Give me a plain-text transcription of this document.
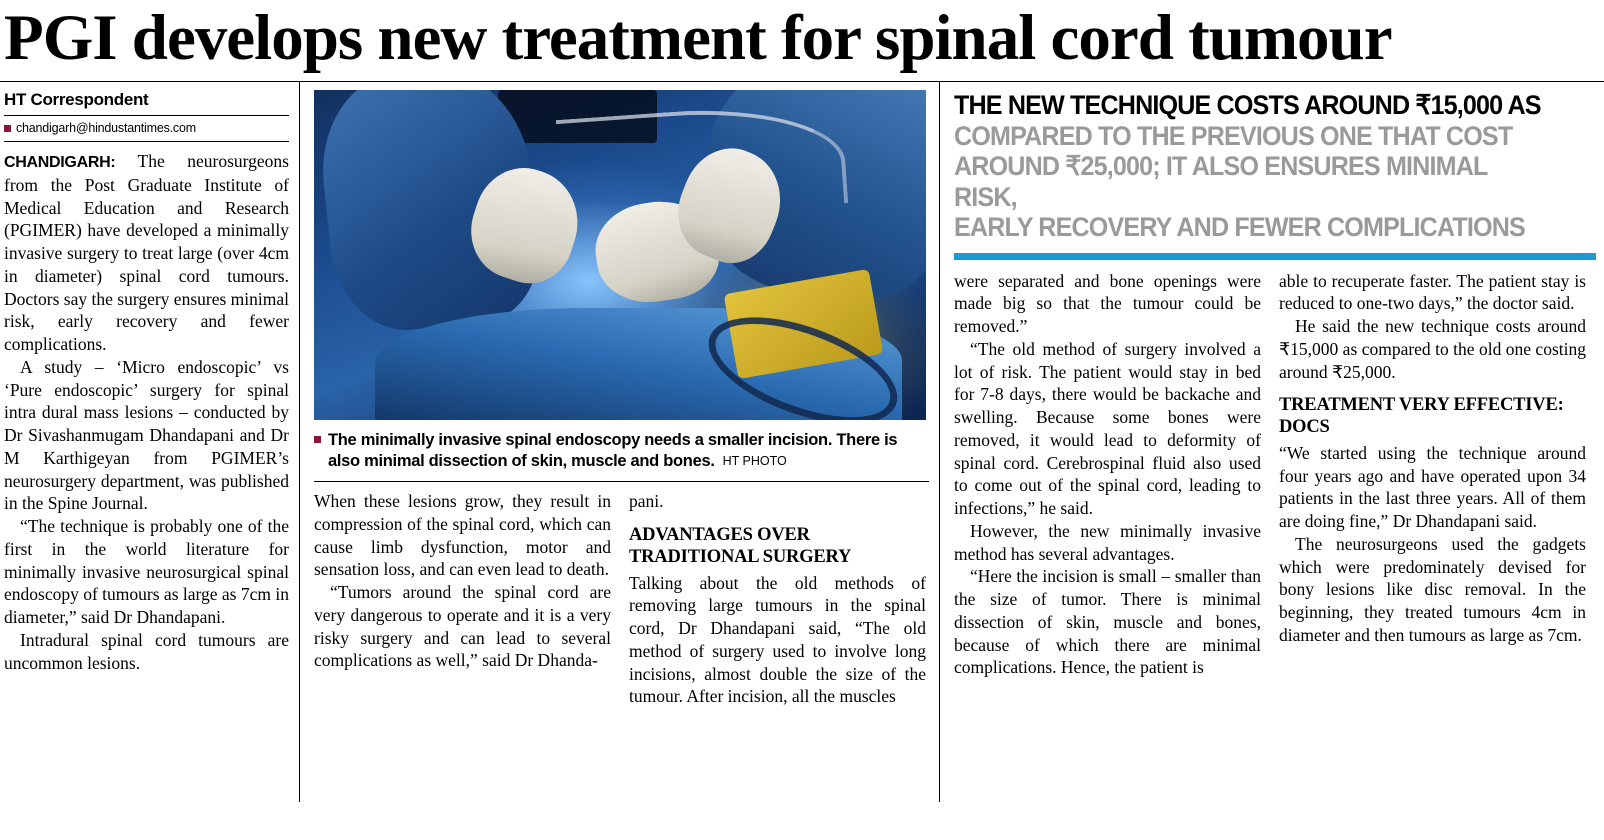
PGI develops new treatment for spinal cord tumour
HT Correspondent
chandigarh@hindustantimes.com

CHANDIGARH: The neurosurgeons from the Post Graduate Institute of Medical Education and Research (PGIMER) have developed a minimally invasive surgery to treat large (over 4cm in diameter) spinal cord tumours. Doctors say the surgery ensures minimal risk, early recovery and fewer complications.

A study – ‘Micro endoscopic’ vs ‘Pure endoscopic’ surgery for spinal intra dural mass lesions – conducted by Dr Sivashanmugam Dhandapani and Dr M Karthigeyan from PGIMER’s neurosurgery department, was published in the Spine Journal.

“The technique is probably one of the first in the world literature for minimally invasive neurosurgical spinal endoscopy of tumours as large as 7cm in diameter,” said Dr Dhandapani.

Intradural spinal cord tumours are uncommon lesions.

The minimally invasive spinal endoscopy needs a smaller incision. There is also minimal dissection of skin, muscle and bones. HT PHOTO

When these lesions grow, they result in compression of the spinal cord, which can cause limb dysfunction, motor and sensation loss, and can even lead to death.

“Tumors around the spinal cord are very dangerous to operate and it is a very risky surgery and can lead to several complications as well,” said Dr Dhanda-

pani.

ADVANTAGES OVER TRADITIONAL SURGERY

Talking about the old methods of removing large tumours in the spinal cord, Dr Dhandapani said, “The old method of surgery used to involve long incisions, almost double the size of the tumour. After incision, all the muscles

THE NEW TECHNIQUE COSTS AROUND ₹15,000 AS
COMPARED TO THE PREVIOUS ONE THAT COST
AROUND ₹25,000; IT ALSO ENSURES MINIMAL RISK,
EARLY RECOVERY AND FEWER COMPLICATIONS

were separated and bone openings were made big so that the tumour could be removed.”

“The old method of surgery involved a lot of risk. The patient would stay in bed for 7-8 days, there would be backache and swelling. Because some bones were removed, it would lead to deformity of spinal cord. Cerebrospinal fluid also used to come out of the spinal cord, leading to infections,” he said.

However, the new minimally invasive method has several advantages.

“Here the incision is small – smaller than the size of tumor. There is minimal dissection of skin, muscle and bones, because of which there are minimal complications. Hence, the patient is

able to recuperate faster. The patient stay is reduced to one-two days,” the doctor said.

He said the new technique costs around ₹15,000 as compared to the old one costing around ₹25,000.

TREATMENT VERY EFFECTIVE: DOCS

“We started using the technique around four years ago and have operated upon 34 patients in the last three years. All of them are doing fine,” Dr Dhandapani said.

The neurosurgeons used the gadgets which were predominately devised for bony lesions like disc removal. In the beginning, they treated tumours 4cm in diameter and then tumours as large as 7cm.
